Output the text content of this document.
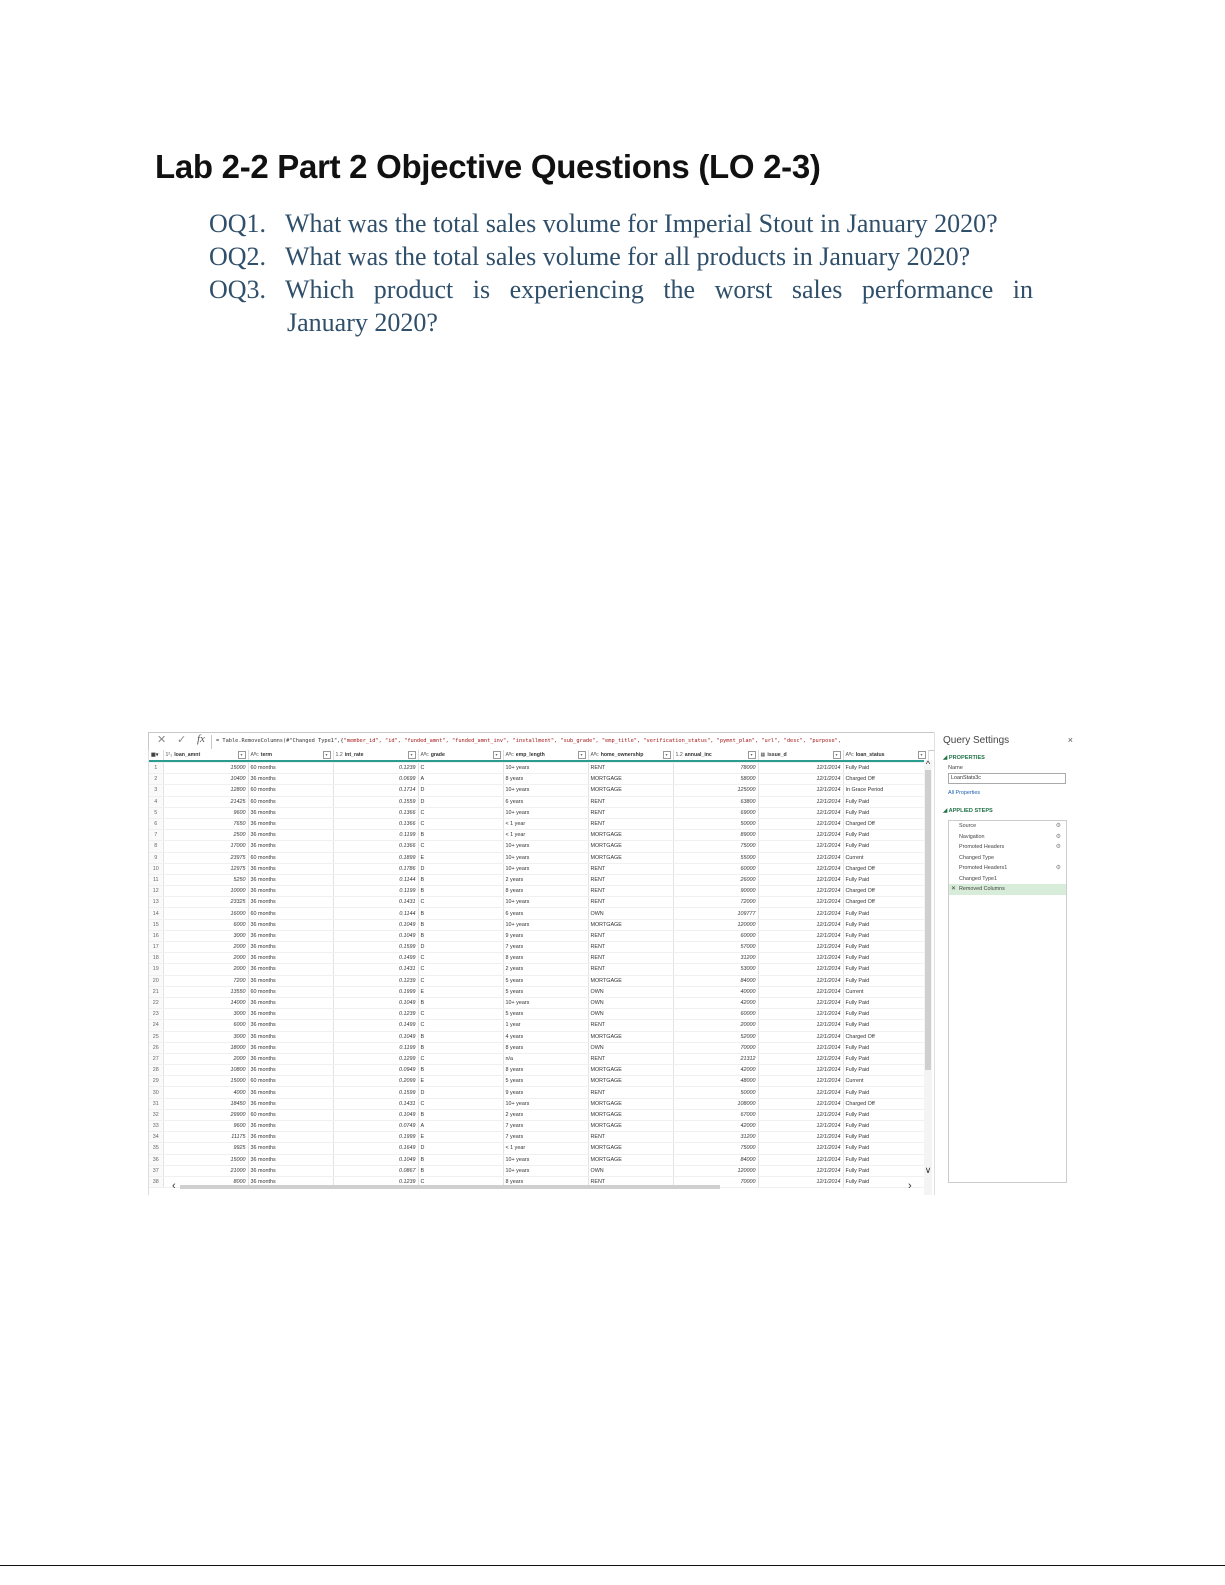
Lab 2-2 Part 2 Objective Questions (LO 2-3)
OQ1. What was the total sales volume for Imperial Stout in January 2020?
OQ2. What was the total sales volume for all products in January 2020?
OQ3. Which product is experiencing the worst sales performance in
January 2020?
✕ ✓ fx	= Table.RemoveColumns(#"Changed Type1",{"member_id", "id", "funded_amnt", "funded_amnt_inv", "installment", "sub_grade", "emp_title", "verification_status", "pymnt_plan", "url", "desc", "purpose",
▦▾	1²₃ loan_amnt ▾	Aᴮc term ▾	1.2 int_rate ▾	Aᴮc grade ▾	Aᴮc emp_length ▾	Aᴮc home_ownership ▾	1.2 annual_inc ▾	▦ issue_d ▾	Aᴮc loan_status ▾

1	15000	60 months	0.1239	C	10+ years	RENT	78000	12/1/2014	Fully Paid
2	10400	36 months	0.0699	A	8 years	MORTGAGE	58000	12/1/2014	Charged Off
3	12800	60 months	0.1714	D	10+ years	MORTGAGE	125000	12/1/2014	In Grace Period
4	21425	60 months	0.1559	D	6 years	RENT	63800	12/1/2014	Fully Paid
5	9600	36 months	0.1366	C	10+ years	RENT	69000	12/1/2014	Fully Paid
6	7650	36 months	0.1366	C	< 1 year	RENT	50000	12/1/2014	Charged Off
7	2500	36 months	0.1199	B	< 1 year	MORTGAGE	89000	12/1/2014	Fully Paid
8	17000	36 months	0.1366	C	10+ years	MORTGAGE	75000	12/1/2014	Fully Paid
9	23975	60 months	0.1899	E	10+ years	MORTGAGE	55000	12/1/2014	Current
10	12975	36 months	0.1786	D	10+ years	RENT	60000	12/1/2014	Charged Off
11	5250	36 months	0.1144	B	2 years	RENT	26000	12/1/2014	Fully Paid
12	10000	36 months	0.1199	B	8 years	RENT	90000	12/1/2014	Charged Off
13	23325	36 months	0.1431	C	10+ years	RENT	72000	12/1/2014	Charged Off
14	16000	60 months	0.1144	B	6 years	OWN	109777	12/1/2014	Fully Paid
15	6000	36 months	0.1049	B	10+ years	MORTGAGE	120000	12/1/2014	Fully Paid
16	3000	36 months	0.1049	B	9 years	RENT	60000	12/1/2014	Fully Paid
17	2000	36 months	0.1599	D	7 years	RENT	57000	12/1/2014	Fully Paid
18	2000	36 months	0.1499	C	8 years	RENT	31200	12/1/2014	Fully Paid
19	2000	36 months	0.1431	C	2 years	RENT	53000	12/1/2014	Fully Paid
20	7200	36 months	0.1239	C	5 years	MORTGAGE	84000	12/1/2014	Fully Paid
21	13550	60 months	0.1999	E	5 years	OWN	40000	12/1/2014	Current
22	14000	36 months	0.1049	B	10+ years	OWN	42000	12/1/2014	Fully Paid
23	3000	36 months	0.1239	C	5 years	OWN	60000	12/1/2014	Fully Paid
24	6000	36 months	0.1499	C	1 year	RENT	20000	12/1/2014	Fully Paid
25	3000	36 months	0.1049	B	4 years	MORTGAGE	52000	12/1/2014	Charged Off
26	18000	36 months	0.1199	B	8 years	OWN	70000	12/1/2014	Fully Paid
27	2000	36 months	0.1299	C	n/a	RENT	21312	12/1/2014	Fully Paid
28	10800	36 months	0.0949	B	8 years	MORTGAGE	42000	12/1/2014	Fully Paid
29	15000	60 months	0.2099	E	5 years	MORTGAGE	48000	12/1/2014	Current
30	4000	36 months	0.1599	D	9 years	RENT	50000	12/1/2014	Fully Paid
31	18450	36 months	0.1431	C	10+ years	MORTGAGE	108000	12/1/2014	Charged Off
32	29900	60 months	0.1049	B	2 years	MORTGAGE	67000	12/1/2014	Fully Paid
33	9600	36 months	0.0749	A	7 years	MORTGAGE	42000	12/1/2014	Fully Paid
34	11175	36 months	0.1999	E	7 years	RENT	31200	12/1/2014	Fully Paid
35	9925	36 months	0.1649	D	< 1 year	MORTGAGE	75000	12/1/2014	Fully Paid
36	15000	36 months	0.1049	B	10+ years	MORTGAGE	84000	12/1/2014	Fully Paid
37	21000	36 months	0.0867	B	10+ years	OWN	120000	12/1/2014	Fully Paid
38	8000	36 months	0.1239	C	8 years	RENT	70000	12/1/2014	Fully Paid
^
∨
‹	›
Query Settings	×
◢ PROPERTIES
Name
LoanStats3c
All Properties
◢ APPLIED STEPS
Source	⚙
Navigation	⚙
Promoted Headers	⚙
Changed Type
Promoted Headers1	⚙
Changed Type1
✕ Removed Columns
